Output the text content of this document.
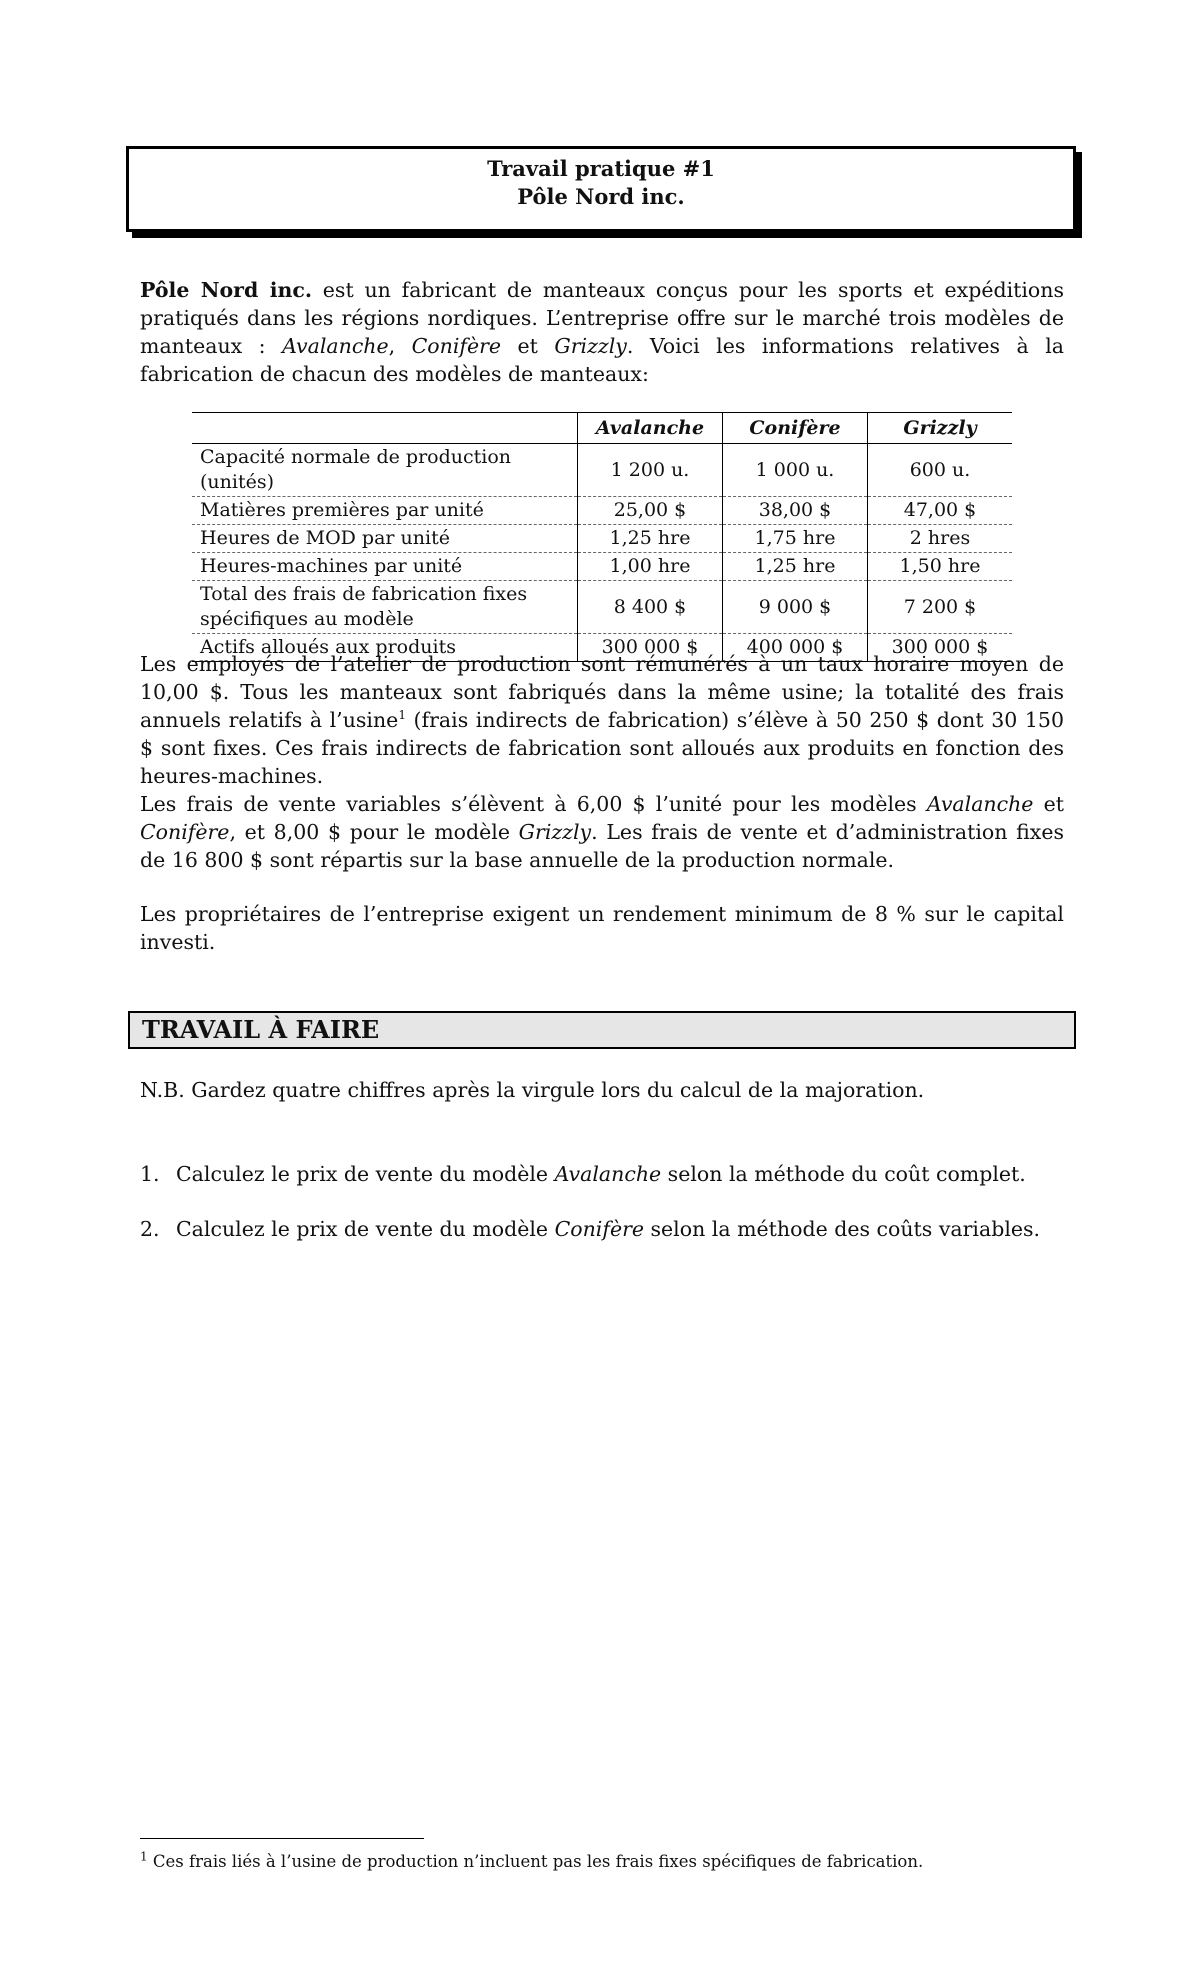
Travail pratique #1
Pôle Nord inc.

Pôle Nord inc. est un fabricant de manteaux conçus pour les sports et expéditions pratiqués dans les régions nordiques. L’entreprise offre sur le marché trois modèles de manteaux : Avalanche, Conifère et Grizzly. Voici les informations relatives à la fabrication de chacun des modèles de manteaux:

	Avalanche	Conifère	Grizzly
Capacité normale de production (unités)	1 200 u.	1 000 u.	600 u.
Matières premières par unité	25,00 $	38,00 $	47,00 $
Heures de MOD par unité	1,25 hre	1,75 hre	2 hres
Heures-machines par unité	1,00 hre	1,25 hre	1,50 hre
Total des frais de fabrication fixes spécifiques au modèle	8 400 $	9 000 $	7 200 $
Actifs alloués aux produits	300 000 $	400 000 $	300 000 $

Les employés de l’atelier de production sont rémunérés à un taux horaire moyen de 10,00 $. Tous les manteaux sont fabriqués dans la même usine; la totalité des frais annuels relatifs à l’usine$^1$ (frais indirects de fabrication) s’élève à 50 250 $ dont 30 150 $ sont fixes. Ces frais indirects de fabrication sont alloués aux produits en fonction des heures-machines.

Les frais de vente variables s’élèvent à 6,00 $ l’unité pour les modèles Avalanche et Conifère, et 8,00 $ pour le modèle Grizzly. Les frais de vente et d’administration fixes de 16 800 $ sont répartis sur la base annuelle de la production normale.

Les propriétaires de l’entreprise exigent un rendement minimum de 8 % sur le capital investi.

TRAVAIL À FAIRE

N.B. Gardez quatre chiffres après la virgule lors du calcul de la majoration.

1. Calculez le prix de vente du modèle Avalanche selon la méthode du coût complet.
2. Calculez le prix de vente du modèle Conifère selon la méthode des coûts variables.
$^1$ Ces frais liés à l’usine de production n’incluent pas les frais fixes spécifiques de fabrication.
